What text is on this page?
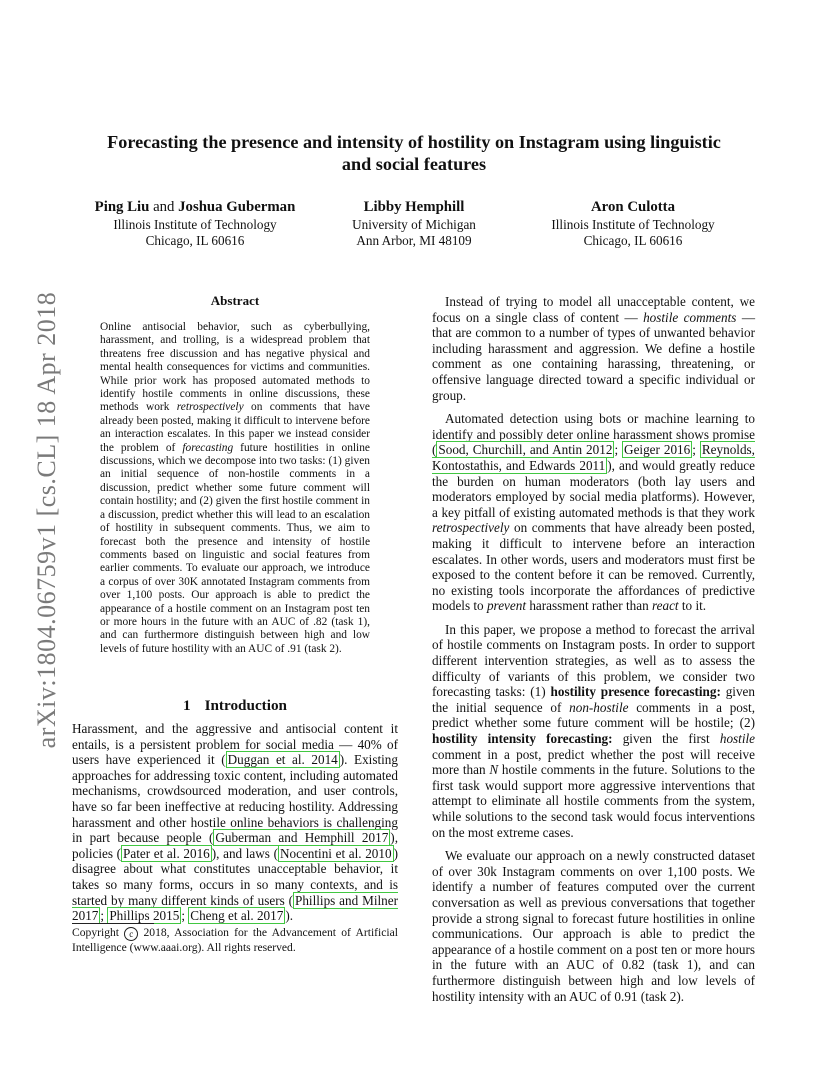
arXiv:1804.06759v1 [cs.CL] 18 Apr 2018
Forecasting the presence and intensity of hostility on Instagram using linguistic
and social features
Ping Liu and Joshua Guberman
Illinois Institute of Technology
Chicago, IL 60616
Libby Hemphill
University of Michigan
Ann Arbor, MI 48109
Aron Culotta
Illinois Institute of Technology
Chicago, IL 60616
Abstract
Online antisocial behavior, such as cyberbullying, harassment, and trolling, is a widespread problem that threatens free discussion and has negative physical and mental health consequences for victims and communities. While prior work has proposed automated methods to identify hostile comments in online discussions, these methods work retrospectively on comments that have already been posted, making it difficult to intervene before an interaction escalates. In this paper we instead consider the problem of forecasting future hostilities in online discussions, which we decompose into two tasks: (1) given an initial sequence of non-hostile comments in a discussion, predict whether some future comment will contain hostility; and (2) given the first hostile comment in a discussion, predict whether this will lead to an escalation of hostility in subsequent comments. Thus, we aim to forecast both the presence and intensity of hostile comments based on linguistic and social features from earlier comments. To evaluate our approach, we introduce a corpus of over 30K annotated Instagram comments from over 1,100 posts. Our approach is able to predict the appearance of a hostile comment on an Instagram post ten or more hours in the future with an AUC of .82 (task 1), and can furthermore distinguish between high and low levels of future hostility with an AUC of .91 (task 2).
1 Introduction

Harassment, and the aggressive and antisocial content it entails, is a persistent problem for social media — 40% of users have experienced it ( Duggan et al. 2014 ). Existing approaches for addressing toxic content, including automated mechanisms, crowdsourced moderation, and user controls, have so far been ineffective at reducing hostility. Addressing harassment and other hostile online behaviors is challenging in part because people ( Guberman and Hemphill 2017 ), policies ( Pater et al. 2016 ), and laws ( Nocentini et al. 2010 ) disagree about what constitutes unacceptable behavior, it takes so many forms, occurs in so many contexts, and is started by many different kinds of users ( Phillips and Milner 2017 ; Phillips 2015 ; Cheng et al. 2017 ).

Copyright c 2018, Association for the Advancement of Artificial Intelligence (www.aaai.org). All rights reserved.

Instead of trying to model all unacceptable content, we focus on a single class of content — hostile comments — that are common to a number of types of unwanted behavior including harassment and aggression. We define a hostile comment as one containing harassing, threatening, or offensive language directed toward a specific individual or group.

Automated detection using bots or machine learning to identify and possibly deter online harassment shows promise ( Sood, Churchill, and Antin 2012 ; Geiger 2016 ; Reynolds, Kontostathis, and Edwards 2011 ), and would greatly reduce the burden on human moderators (both lay users and moderators employed by social media platforms). However, a key pitfall of existing automated methods is that they work retrospectively on comments that have already been posted, making it difficult to intervene before an interaction escalates. In other words, users and moderators must first be exposed to the content before it can be removed. Currently, no existing tools incorporate the affordances of predictive models to prevent harassment rather than react to it.

In this paper, we propose a method to forecast the arrival of hostile comments on Instagram posts. In order to support different intervention strategies, as well as to assess the difficulty of variants of this problem, we consider two forecasting tasks: (1) hostility presence forecasting: given the initial sequence of non-hostile comments in a post, predict whether some future comment will be hostile; (2) hostility intensity forecasting: given the first hostile comment in a post, predict whether the post will receive more than N hostile comments in the future. Solutions to the first task would support more aggressive interventions that attempt to eliminate all hostile comments from the system, while solutions to the second task would focus interventions on the most extreme cases.

We evaluate our approach on a newly constructed dataset of over 30k Instagram comments on over 1,100 posts. We identify a number of features computed over the current conversation as well as previous conversations that together provide a strong signal to forecast future hostilities in online communications. Our approach is able to predict the appearance of a hostile comment on a post ten or more hours in the future with an AUC of 0.82 (task 1), and can furthermore distinguish between high and low levels of hostility intensity with an AUC of 0.91 (task 2).
